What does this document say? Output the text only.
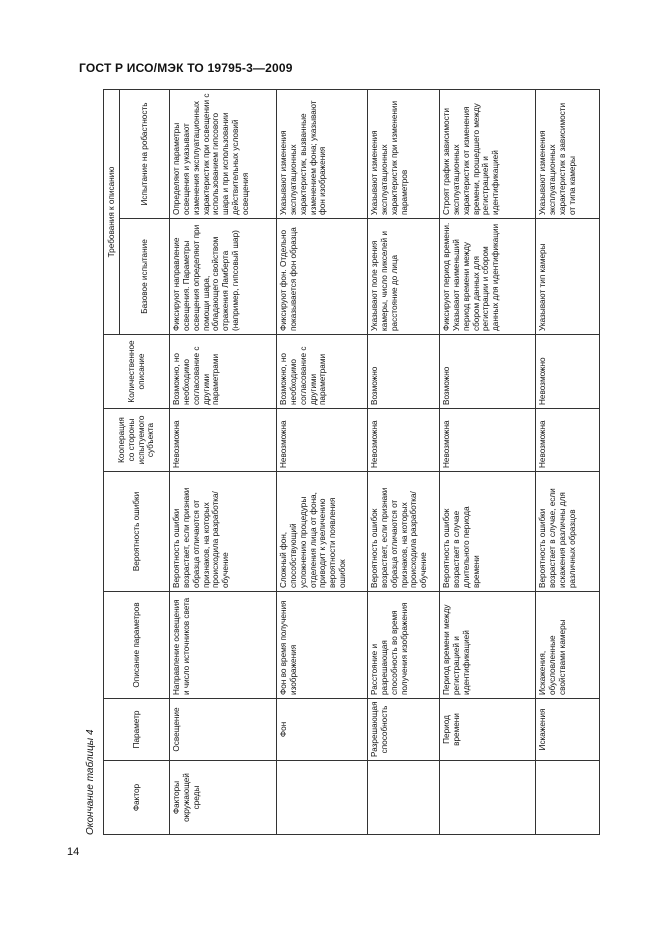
ГОСТ Р ИСО/МЭК ТО 19795-3—2009
Окончание таблицы 4	Фактор	Параметр	Описание параметров	Вероятность ошибки	Кооперация со стороны испытуемого субъекта	Количественное описание	Требования к описанию	
						Базовое испытание	Испытание на робастность
Факторы окружающей среды	Освещение	Направление освещения и число источников света	Вероятность ошибки возрастает, если признаки образца отличаются от признаков, на которых происходила разработка/обучение	Невозможна	Возможно, но необходимо согласование с другими параметрами	Фиксируют направление освещения. Параметры освещения определяют при помощи шара, обладающего свойством отражения Ламберта (например, гипсовый шар)	Определяют параметры освещения и указывают изменения эксплуатационных характеристик при освещении с использованием гипсового шара и при использовании действительных условий освещения
	Фон	Фон во время получения изображения	Сложный фон, способствующий усложнению процедуры отделения лица от фона, приводит к увеличению вероятности появления ошибок	Невозможна	Возможно, но необходимо согласование с другими параметрами	Фиксируют фон. Отдельно показывается фон образца	Указывают изменения эксплуатационных характеристик, вызванные изменением фона; указывают фон изображения
	Разрешающая способность	Расстояние и разрешающая способность во время получения изображения	Вероятность ошибок возрастает, если признаки образца отличаются от признаков, на которых происходила разработка/обучение	Невозможна	Возможно	Указывают поле зрения камеры, число пикселей и расстояние до лица	Указывают изменения эксплуатационных характеристик при изменении параметров
	Период времени	Период времени между регистрацией и идентификацией	Вероятность ошибок возрастает в случае длительного периода времени	Невозможна	Возможно	Фиксируют период времени. Указывают наименьший период времени между сбором данных для регистрации и сбором данных для идентификации	Строят график зависимости эксплуатационных характеристик от изменения времени, прошедшего между регистрацией и идентификацией
	Искажения	Искажения, обусловленные свойствами камеры	Вероятность ошибки возрастает в случае, если искажения различны для различных образцов	Невозможна	Невозможно	Указывают тип камеры	Указывают изменения эксплуатационных характеристик в зависимости от типа камеры
14
